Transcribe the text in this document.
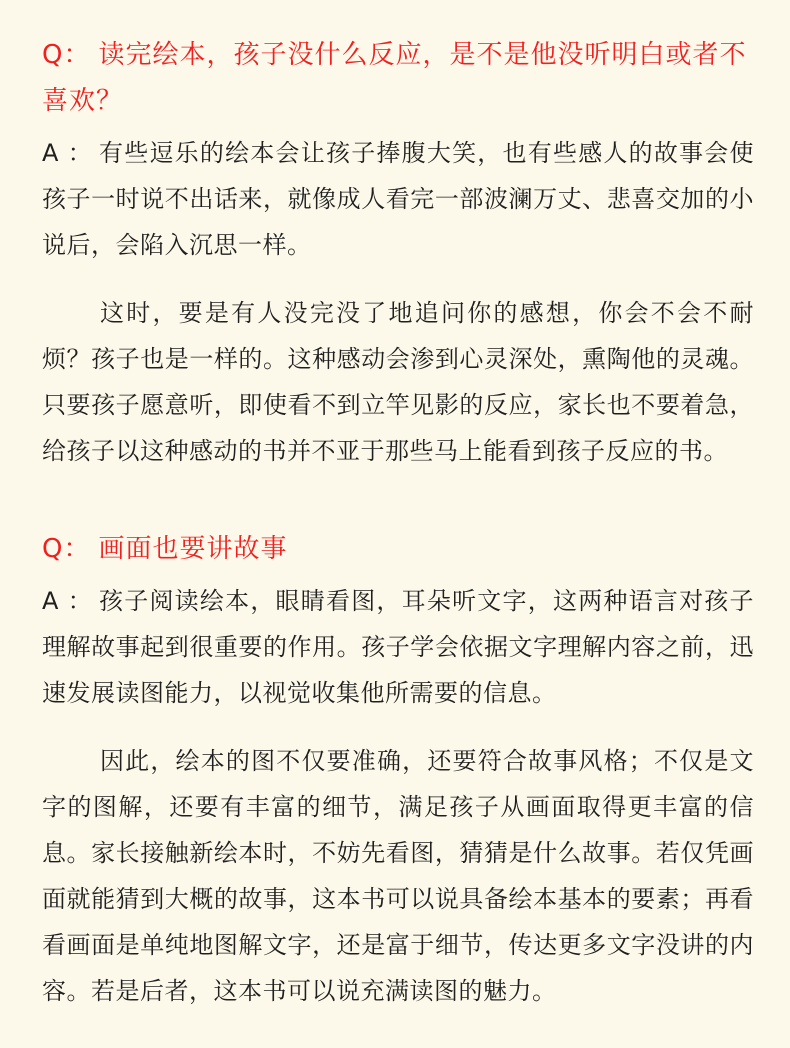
Q： 读完绘本，孩子没什么反应，是不是他没听明白或者不喜欢？

A ： 有些逗乐的绘本会让孩子捧腹大笑，也有些感人的故事会使孩子一时说不出话来，就像成人看完一部波澜万丈、悲喜交加的小说后，会陷入沉思一样。

这时，要是有人没完没了地追问你的感想，你会不会不耐烦？孩子也是一样的。这种感动会渗到心灵深处，熏陶他的灵魂。只要孩子愿意听，即使看不到立竿见影的反应，家长也不要着急，给孩子以这种感动的书并不亚于那些马上能看到孩子反应的书。

Q： 画面也要讲故事

A ： 孩子阅读绘本，眼睛看图，耳朵听文字，这两种语言对孩子理解故事起到很重要的作用。孩子学会依据文字理解内容之前，迅速发展读图能力，以视觉收集他所需要的信息。

因此，绘本的图不仅要准确，还要符合故事风格；不仅是文字的图解，还要有丰富的细节，满足孩子从画面取得更丰富的信息。家长接触新绘本时，不妨先看图，猜猜是什么故事。若仅凭画面就能猜到大概的故事，这本书可以说具备绘本基本的要素；再看看画面是单纯地图解文字，还是富于细节，传达更多文字没讲的内容。若是后者，这本书可以说充满读图的魅力。
